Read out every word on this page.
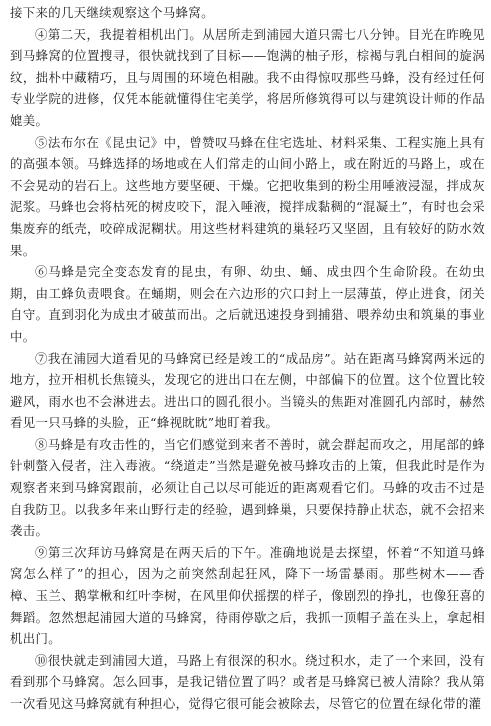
接下来的几天继续观察这个马蜂窝。

④第二天，我提着相机出门。从居所走到浦园大道只需七八分钟。目光在昨晚见到马蜂窝的位置搜寻，很快就找到了目标——饱满的柚子形，棕褐与乳白相间的旋涡纹，拙朴中藏精巧，且与周围的环境色相融。我不由得惊叹那些马蜂，没有经过任何专业学院的进修，仅凭本能就懂得住宅美学，将居所修筑得可以与建筑设计师的作品媲美。

⑤法布尔在《昆虫记》中，曾赞叹马蜂在住宅选址、材料采集、工程实施上具有的高强本领。马蜂选择的场地或在人们常走的山间小路上，或在附近的马路上，或在不会晃动的岩石上。这些地方要坚硬、干燥。它把收集到的粉尘用唾液浸湿，拌成灰泥浆。马蜂也会将枯死的树皮咬下，混入唾液，搅拌成黏稠的“混凝土”，有时也会采集废弃的纸壳，咬碎成泥糊状。用这些材料建筑的巢轻巧又坚固，且有较好的防水效果。

⑥马蜂是完全变态发育的昆虫，有卵、幼虫、蛹、成虫四个生命阶段。在幼虫期，由工蜂负责喂食。在蛹期，则会在六边形的穴口封上一层薄茧，停止进食，闭关自守。直到羽化为成虫才破茧而出。之后就迅速投身到捕猎、喂养幼虫和筑巢的事业中。

⑦我在浦园大道看见的马蜂窝已经是竣工的“成品房”。站在距离马蜂窝两米远的地方，拉开相机长焦镜头，发现它的进出口在左侧，中部偏下的位置。这个位置比较避风，雨水也不会淋进去。进出口的圆孔很小。当镜头的焦距对准圆孔内部时，赫然看见一只马蜂的头脸，正“蜂视眈眈”地盯着我。

⑧马蜂是有攻击性的，当它们感觉到来者不善时，就会群起而攻之，用尾部的蜂针刺螫入侵者，注入毒液。“绕道走”当然是避免被马蜂攻击的上策，但我此时是作为观察者来到马蜂窝跟前，必须让自己以尽可能近的距离观看它们。马蜂的攻击不过是自我防卫。以我多年来山野行走的经验，遇到蜂巢，只要保持静止状态，就不会招来袭击。

⑨第三次拜访马蜂窝是在两天后的下午。准确地说是去探望，怀着“不知道马蜂窝怎么样了”的担心，因为之前突然刮起狂风，降下一场雷暴雨。那些树木——香樟、玉兰、鹅掌楸和红叶李树，在风里仰伏摇摆的样子，像剧烈的挣扎，也像狂喜的舞蹈。忽然想起浦园大道的马蜂窝，待雨停歇之后，我抓一顶帽子盖在头上，拿起相机出门。

⑩很快就走到浦园大道，马路上有很深的积水。绕过积水，走了一个来回，没有看到那个马蜂窝。怎么回事，是我记错位置了吗？或者是马蜂窝已被人清除？我从第一次看见这马蜂窝就有种担心，觉得它很可能会被除去，尽管它的位置在绿化带的灌
